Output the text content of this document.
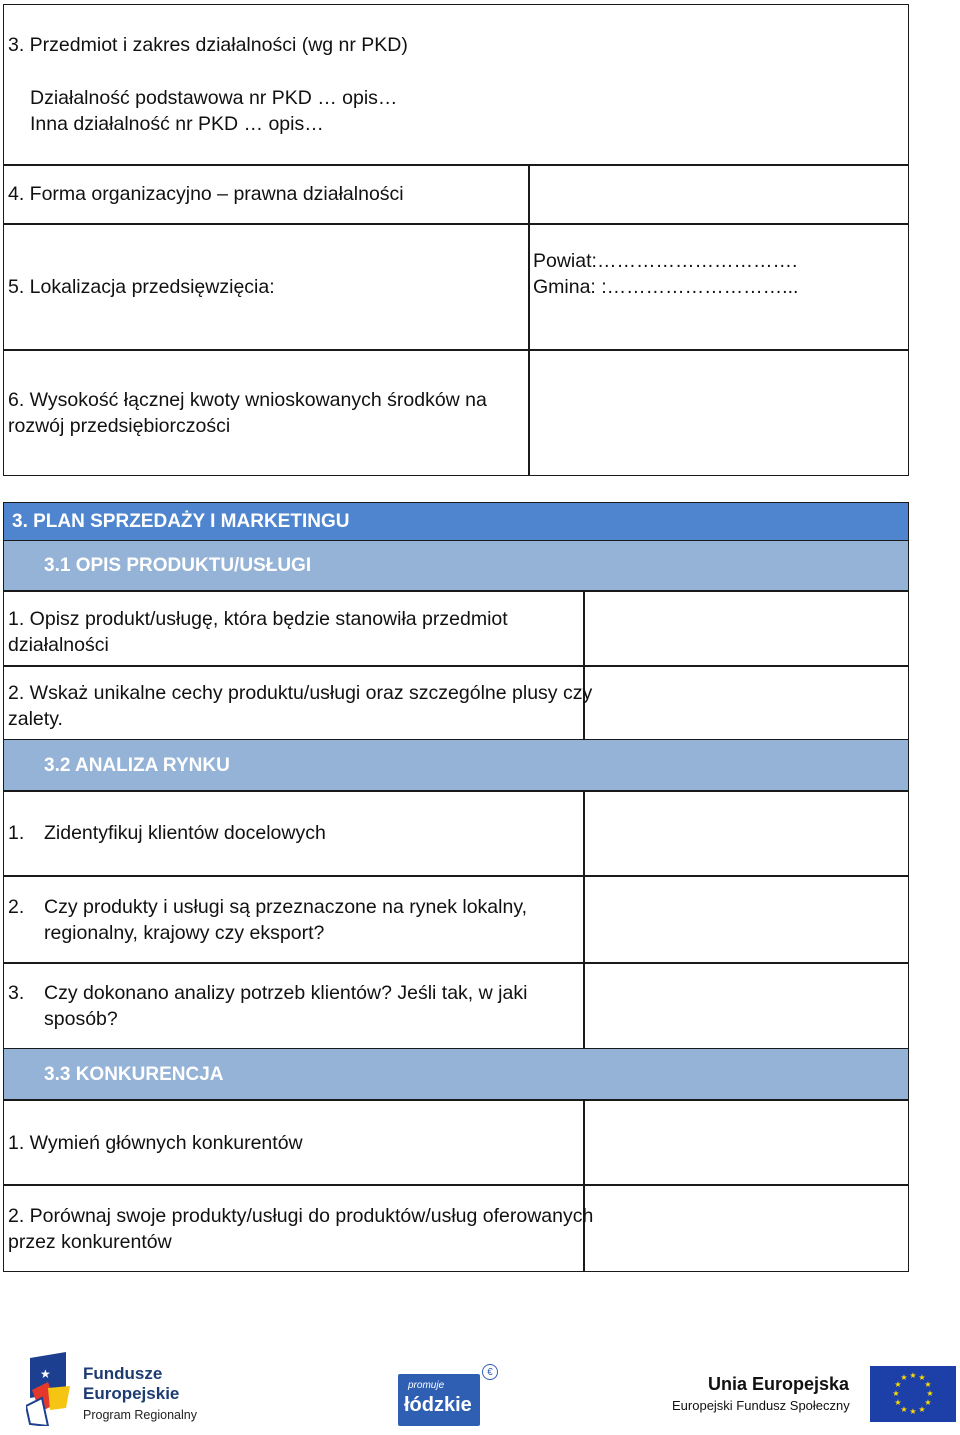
3. Przedmiot i zakres działalności (wg nr PKD)
Działalność podstawowa nr PKD … opis…
Inna działalność nr PKD … opis…
4. Forma organizacyjno – prawna działalności
5. Lokalizacja przedsięwzięcia:
Powiat:………………………….
Gmina: :………………………...
6. Wysokość łącznej kwoty wnioskowanych środków na
rozwój przedsiębiorczości
3. PLAN SPRZEDAŻY I MARKETINGU
3.1 OPIS PRODUKTU/USŁUGI
1. Opisz produkt/usługę, która będzie stanowiła przedmiot
działalności
2. Wskaż unikalne cechy produktu/usługi oraz szczególne plusy czy
zalety.
3.2 ANALIZA RYNKU
1. Zidentyfikuj klientów docelowych
2. Czy produkty i usługi są przeznaczone na rynek lokalny,
regionalny, krajowy czy eksport?
3. Czy dokonano analizy potrzeb klientów? Jeśli tak, w jaki
sposób?
3.3 KONKURENCJA
1. Wymień głównych konkurentów
2. Porównaj swoje produkty/usługi do produktów/usług oferowanych
przez konkurentów
★ Fundusze
Europejskie
Program Regionalny
promuje
łódzkie
€
Unia Europejska
Europejski Fundusz Społeczny
★ ★
★
★
★
★
★
★
★
★
★
★
